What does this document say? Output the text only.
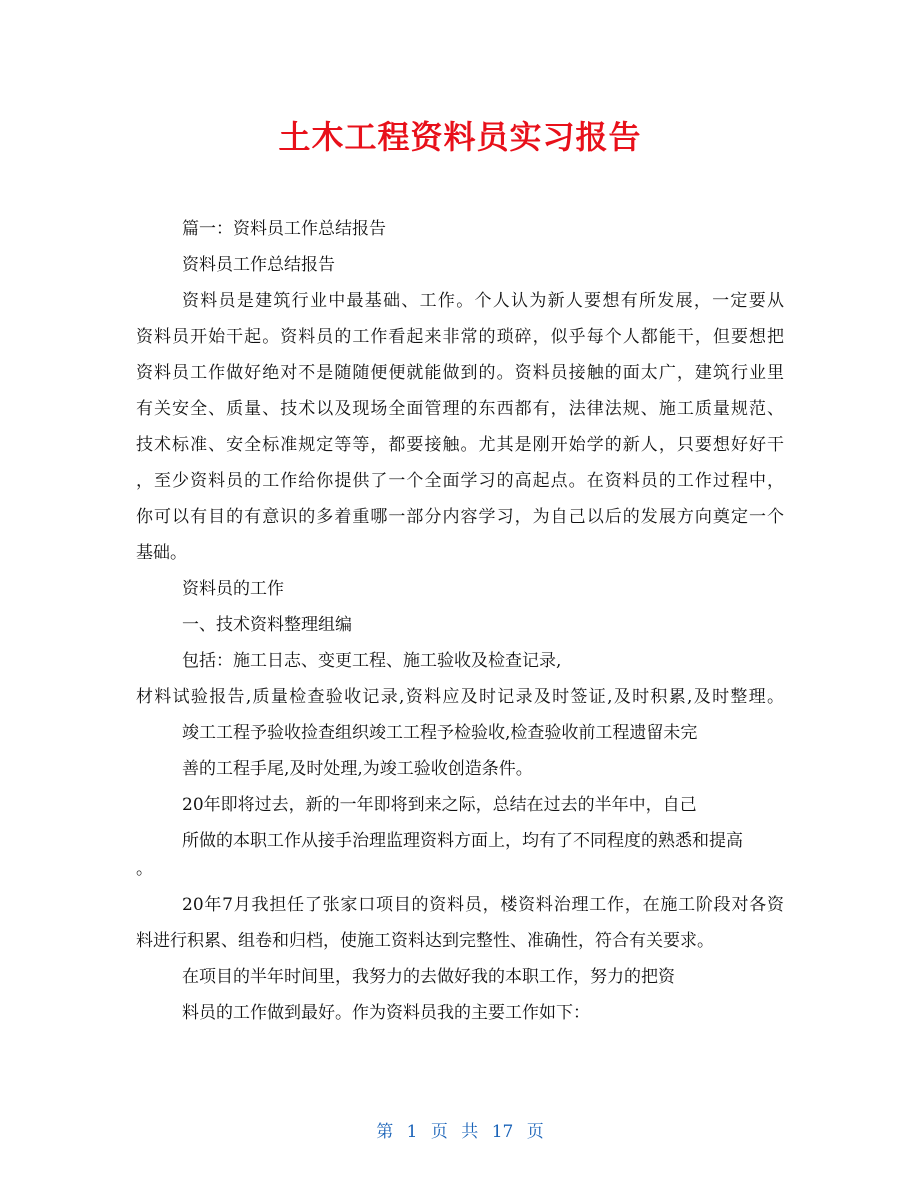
土木工程资料员实习报告

篇一：资料员工作总结报告

资料员工作总结报告

资料员是建筑行业中最基础、工作。个人认为新人要想有所发展，一定要从

资料员开始干起。资料员的工作看起来非常的琐碎，似乎每个人都能干，但要想把

资料员工作做好绝对不是随随便便就能做到的。资料员接触的面太广，建筑行业里

有关安全、质量、技术以及现场全面管理的东西都有，法律法规、施工质量规范、

技术标准、安全标准规定等等，都要接触。尤其是刚开始学的新人，只要想好好干

，至少资料员的工作给你提供了一个全面学习的高起点。在资料员的工作过程中，

你可以有目的有意识的多着重哪一部分内容学习，为自己以后的发展方向奠定一个

基础。

资料员的工作

一、技术资料整理组编

包括：施工日志、变更工程、施工验收及检查记录,

材料试验报告,质量检查验收记录,资料应及时记录及时签证,及时积累,及时整理。

竣工工程予验收捡查组织竣工工程予检验收,检查验收前工程遗留未完

善的工程手尾,及时处理,为竣工验收创造条件。

20年即将过去，新的一年即将到来之际，总结在过去的半年中，自己

所做的本职工作从接手治理监理资料方面上，均有了不同程度的熟悉和提高

。

20年7月我担任了张家口项目的资料员，楼资料治理工作，在施工阶段对各资

料进行积累、组卷和归档，使施工资料达到完整性、准确性，符合有关要求。

在项目的半年时间里，我努力的去做好我的本职工作，努力的把资

料员的工作做到最好。作为资料员我的主要工作如下：

第 1 页 共 17 页
